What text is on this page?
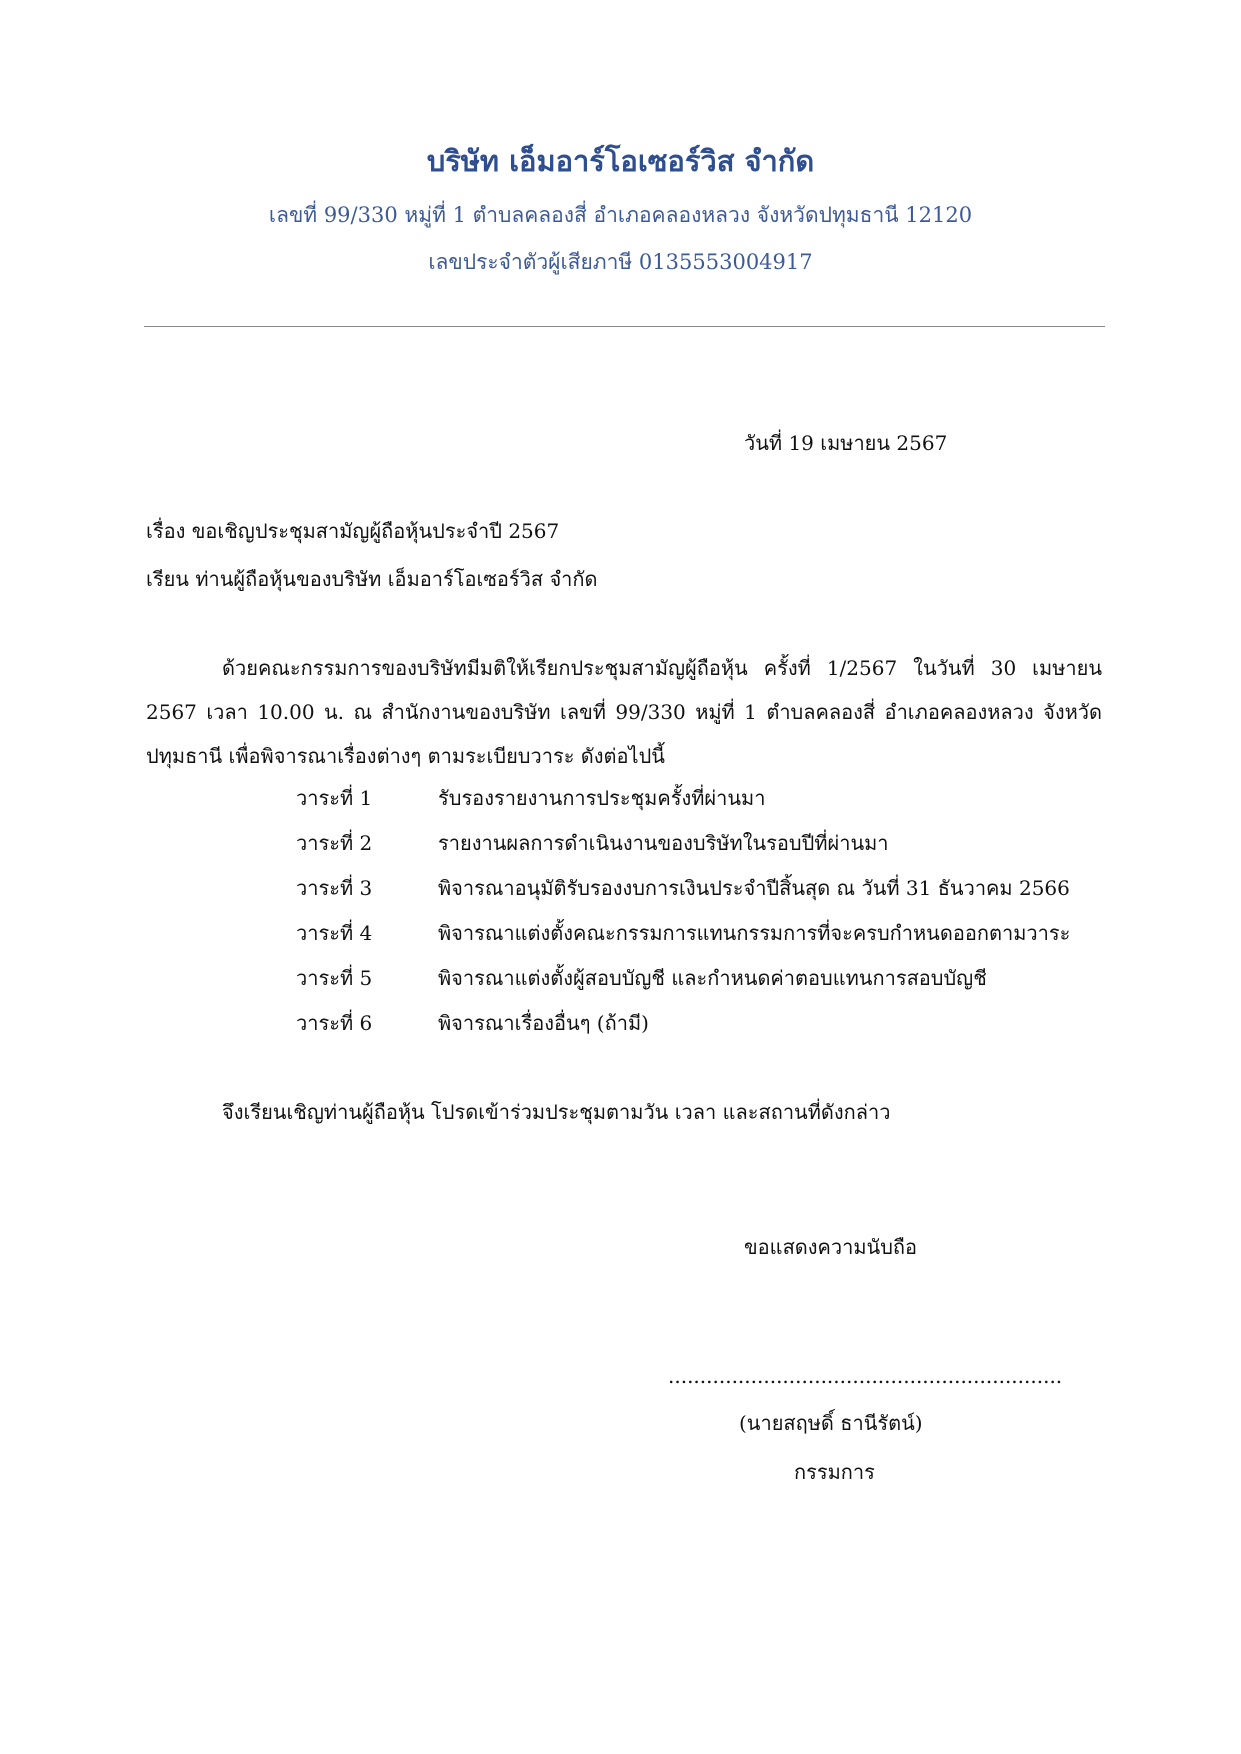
บริษัท เอ็มอาร์โอเซอร์วิส จำกัด
เลขที่ 99/330 หมู่ที่ 1 ตำบลคลองสี่ อำเภอคลองหลวง จังหวัดปทุมธานี 12120
เลขประจำตัวผู้เสียภาษี 0135553004917
วันที่ 19 เมษายน 2567
เรื่อง ขอเชิญประชุมสามัญผู้ถือหุ้นประจำปี 2567
เรียน ท่านผู้ถือหุ้นของบริษัท เอ็มอาร์โอเซอร์วิส จำกัด
ด้วยคณะกรรมการของบริษัทมีมติให้เรียกประชุมสามัญผู้ถือหุ้น ครั้งที่ 1/2567 ในวันที่ 30 เมษายน
2567 เวลา 10.00 น. ณ สำนักงานของบริษัท เลขที่ 99/330 หมู่ที่ 1 ตำบลคลองสี่ อำเภอคลองหลวง จังหวัด
ปทุมธานี เพื่อพิจารณาเรื่องต่างๆ ตามระเบียบวาระ ดังต่อไปนี้
วาระที่ 1	รับรองรายงานการประชุมครั้งที่ผ่านมา
วาระที่ 2	รายงานผลการดำเนินงานของบริษัทในรอบปีที่ผ่านมา
วาระที่ 3	พิจารณาอนุมัติรับรองงบการเงินประจำปีสิ้นสุด ณ วันที่ 31 ธันวาคม 2566
วาระที่ 4	พิจารณาแต่งตั้งคณะกรรมการแทนกรรมการที่จะครบกำหนดออกตามวาระ
วาระที่ 5	พิจารณาแต่งตั้งผู้สอบบัญชี และกำหนดค่าตอบแทนการสอบบัญชี
วาระที่ 6	พิจารณาเรื่องอื่นๆ (ถ้ามี)
จึงเรียนเชิญท่านผู้ถือหุ้น โปรดเข้าร่วมประชุมตามวัน เวลา และสถานที่ดังกล่าว
ขอแสดงความนับถือ
..............................................................
(นายสฤษดิ์ ธานีรัตน์)
กรรมการ
